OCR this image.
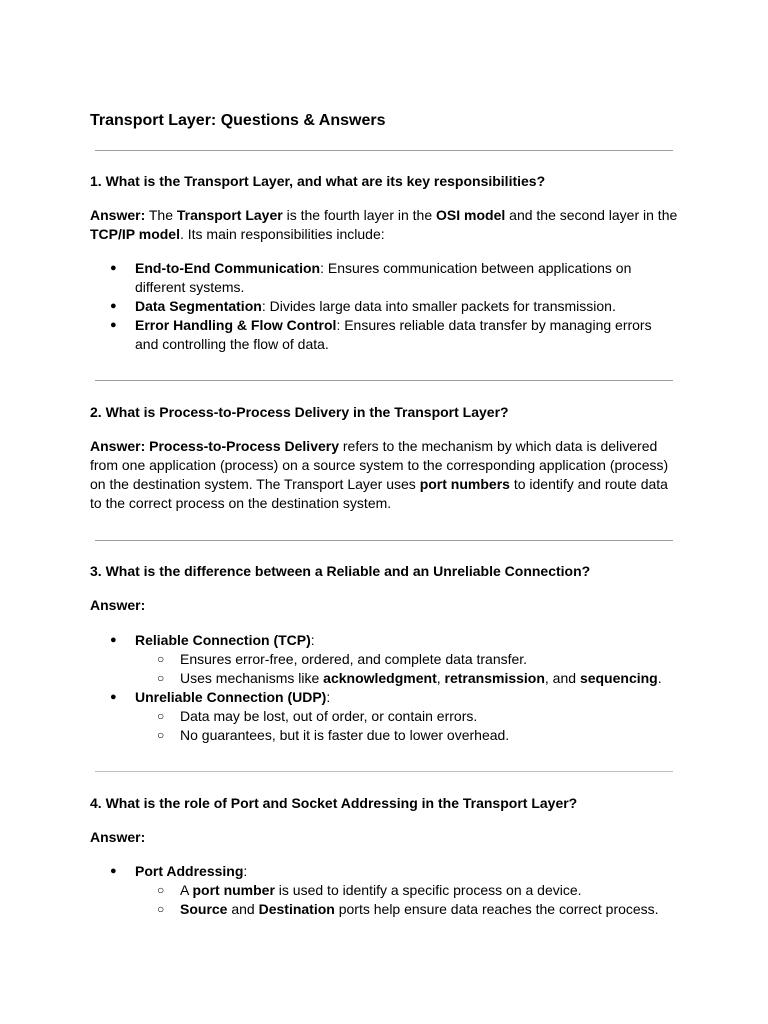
Transport Layer: Questions & Answers
1. What is the Transport Layer, and what are its key responsibilities?
Answer: The Transport Layer is the fourth layer in the OSI model and the second layer in the TCP/IP model. Its main responsibilities include:
● End-to-End Communication: Ensures communication between applications on different systems.
● Data Segmentation: Divides large data into smaller packets for transmission.
● Error Handling & Flow Control: Ensures reliable data transfer by managing errors and controlling the flow of data.
2. What is Process-to-Process Delivery in the Transport Layer?
Answer: Process-to-Process Delivery refers to the mechanism by which data is delivered from one application (process) on a source system to the corresponding application (process) on the destination system. The Transport Layer uses port numbers to identify and route data to the correct process on the destination system.
3. What is the difference between a Reliable and an Unreliable Connection?
Answer:
● Reliable Connection (TCP):
○ Ensures error-free, ordered, and complete data transfer.
○ Uses mechanisms like acknowledgment, retransmission, and sequencing.
● Unreliable Connection (UDP):
○ Data may be lost, out of order, or contain errors.
○ No guarantees, but it is faster due to lower overhead.
4. What is the role of Port and Socket Addressing in the Transport Layer?
Answer:
● Port Addressing:
○ A port number is used to identify a specific process on a device.
○ Source and Destination ports help ensure data reaches the correct process.
